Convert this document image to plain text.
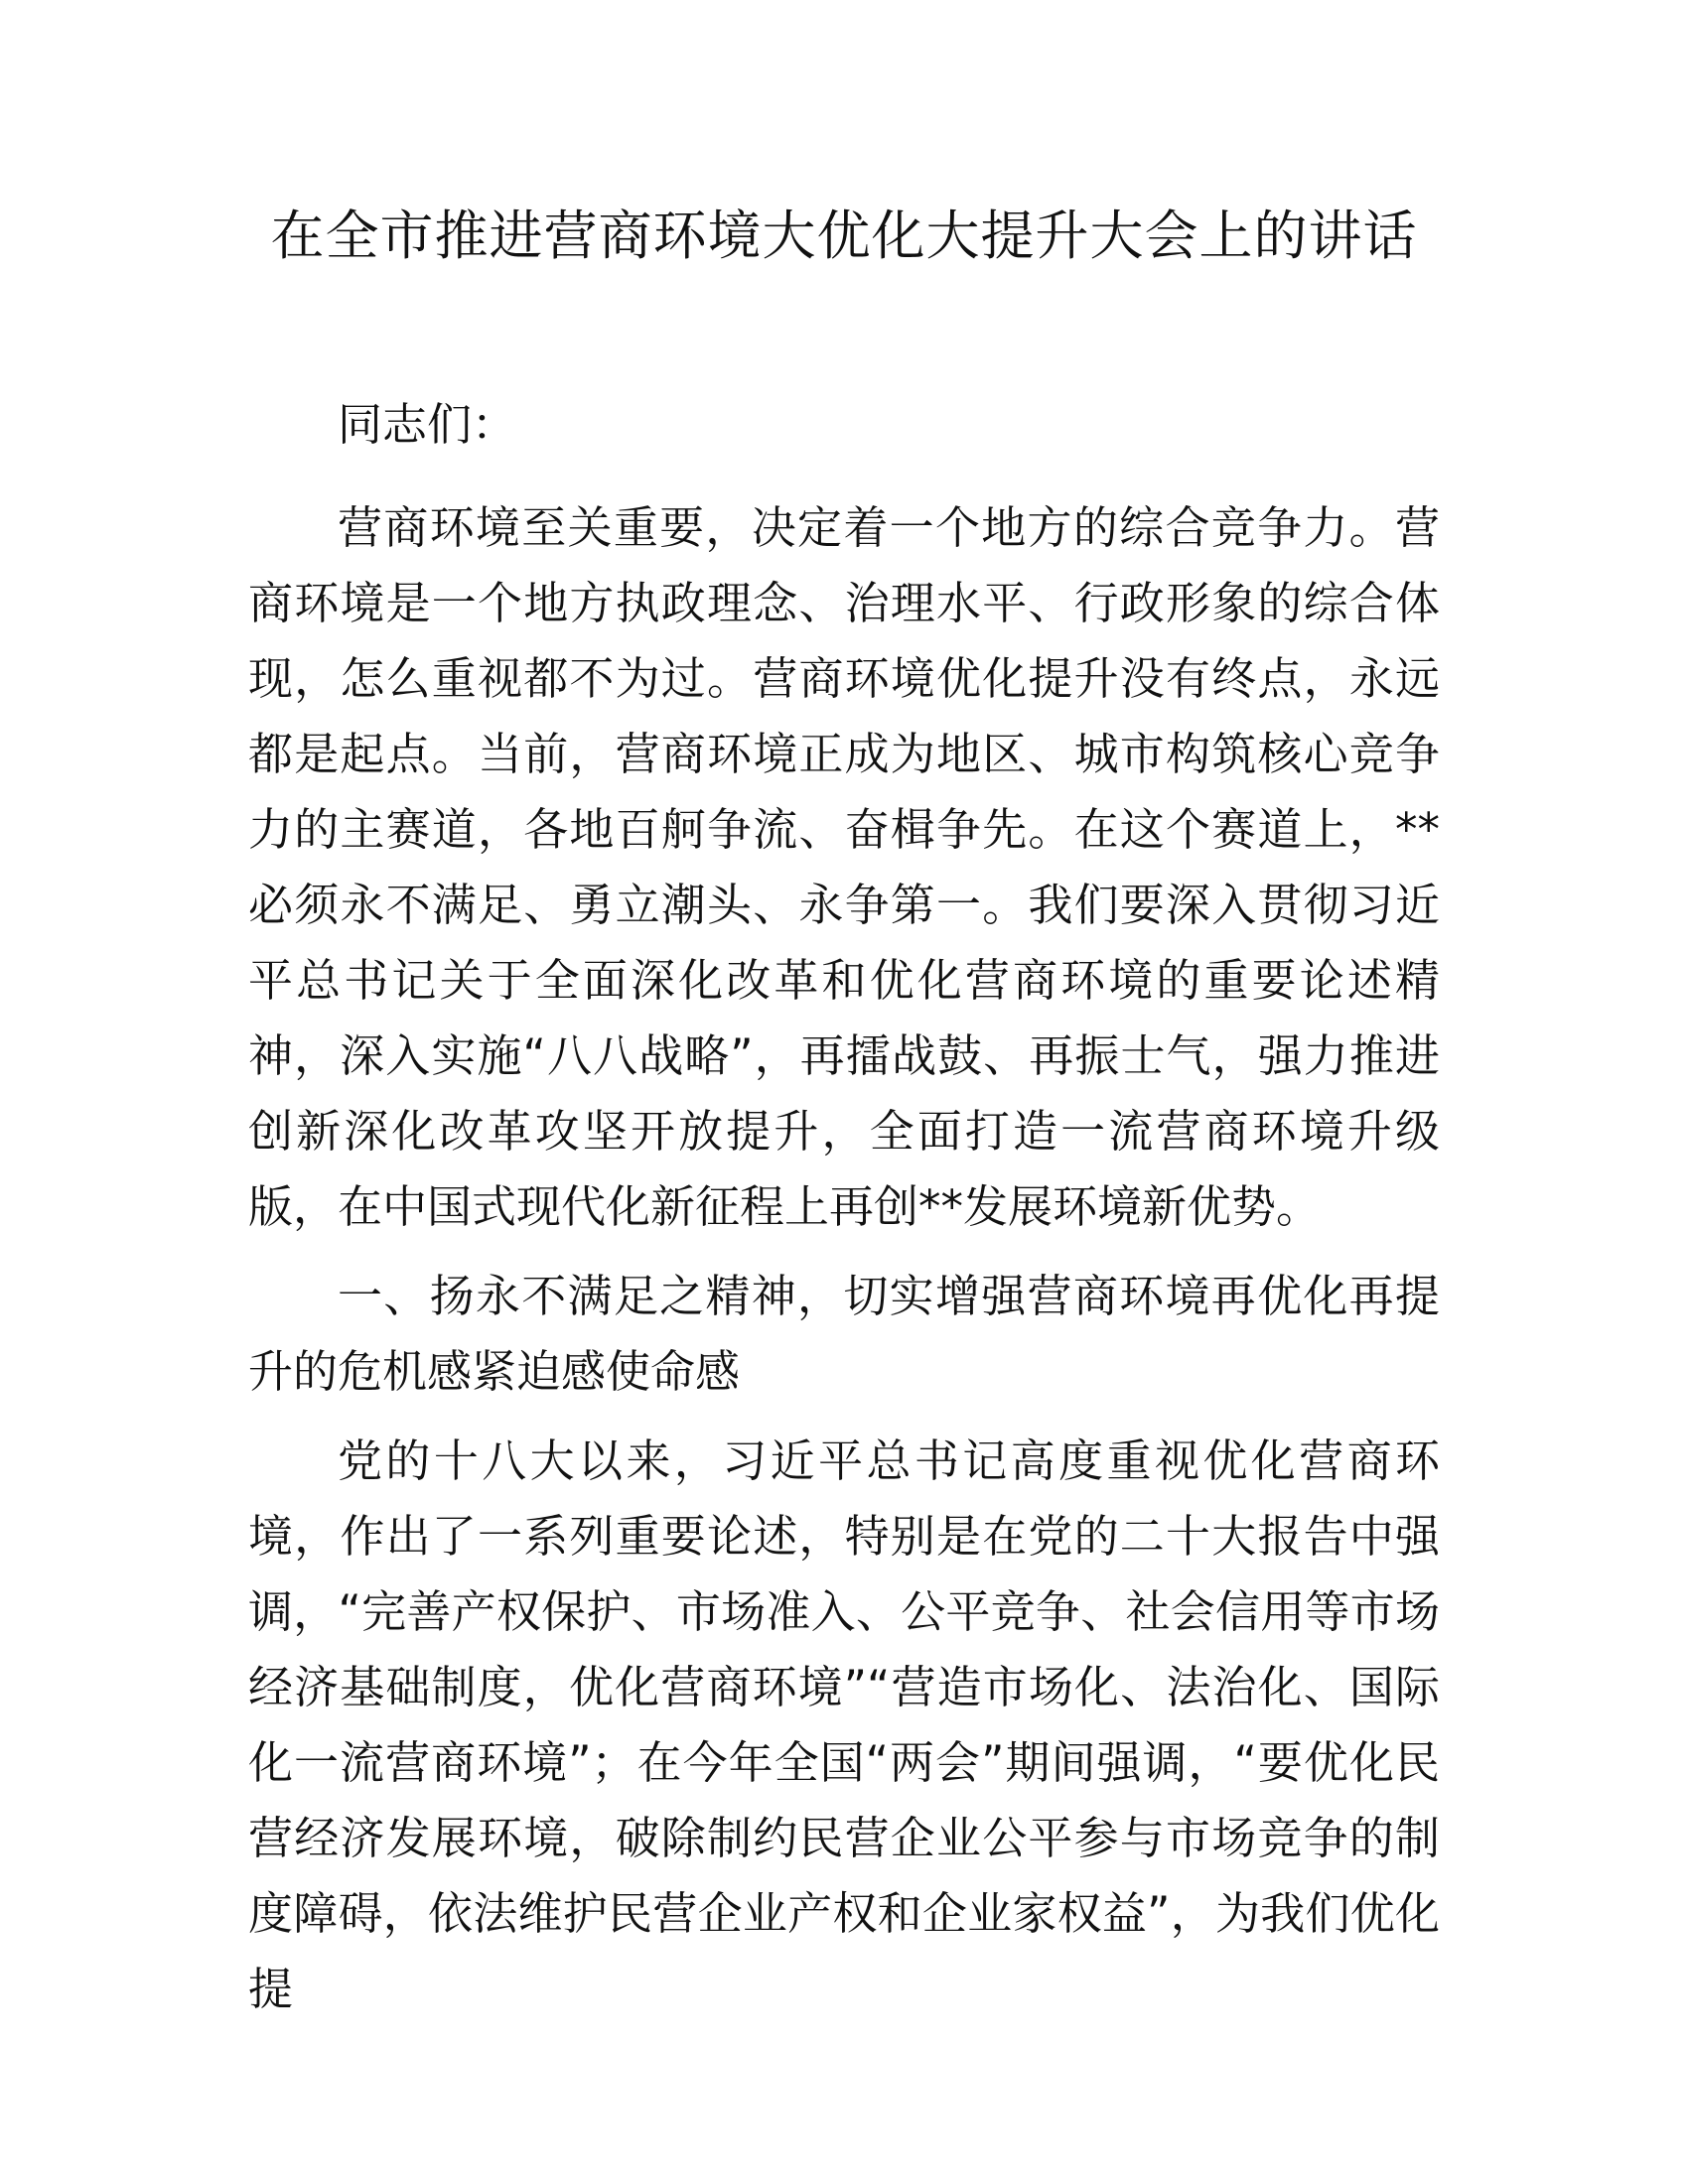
在全市推进营商环境大优化大提升大会上的讲话

同志们：

营商环境至关重要，决定着一个地方的综合竞争力。营商环境是一个地方执政理念、治理水平、行政形象的综合体现，怎么重视都不为过。营商环境优化提升没有终点，永远都是起点。当前，营商环境正成为地区、城市构筑核心竞争力的主赛道，各地百舸争流、奋楫争先。在这个赛道上，**必须永不满足、勇立潮头、永争第一。我们要深入贯彻习近平总书记关于全面深化改革和优化营商环境的重要论述精神，深入实施“八八战略”，再擂战鼓、再振士气，强力推进创新深化改革攻坚开放提升，全面打造一流营商环境升级版，在中国式现代化新征程上再创**发展环境新优势。

一、扬永不满足之精神，切实增强营商环境再优化再提升的危机感紧迫感使命感

党的十八大以来，习近平总书记高度重视优化营商环境，作出了一系列重要论述，特别是在党的二十大报告中强调，“完善产权保护、市场准入、公平竞争、社会信用等市场经济基础制度，优化营商环境”“营造市场化、法治化、国际化一流营商环境”；在今年全国“两会”期间强调，“要优化民营经济发展环境，破除制约民营企业公平参与市场竞争的制度障碍，依法维护民营企业产权和企业家权益”，为我们优化提
